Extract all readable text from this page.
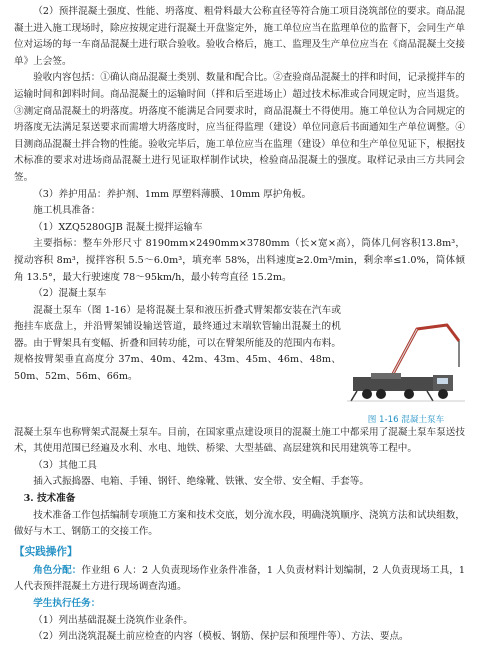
（2）预拌混凝土强度、性能、坍落度、粗骨料最大公称直径等符合施工项目浇筑部位的要求。商品混凝土进入施工现场时，除应按规定进行混凝土开盘鉴定外，施工单位应当在监理单位的监督下，会同生产单位对运场的每一车商品混凝土进行联合验收。验收合格后，施工、监理及生产单位应当在《商品混凝土交接单》上会签。

验收内容包括：①确认商品混凝土类别、数量和配合比。②查验商品混凝土的拌和时间，记录搅拌车的运输时间和卸料时间。商品混凝土的运输时间（拌和后至进场止）超过技术标准或合同规定时，应当退货。③测定商品混凝土的坍落度。坍落度不能满足合同要求时，商品混凝土不得使用。施工单位认为合同规定的坍落度无法满足泵送要求而需增大坍落度时，应当征得监理（建设）单位同意后书面通知生产单位调整。④目测商品混凝土拌合物的性能。验收完毕后，施工单位应当在监理（建设）单位和生产单位见证下，根据技术标准的要求对进场商品混凝土进行见证取样制作试块，检验商品混凝土的强度。取样记录由三方共同会签。

（3）养护用品：养护剂、1mm 厚塑料薄膜、10mm 厚护角板。

施工机具准备：

（1）XZQ5280GJB 混凝土搅拌运输车

主要指标：整车外形尺寸 8190mm×2490mm×3780mm（长×宽×高），筒体几何容积13.8m³，搅动容积 8m³，搅拌容积 5.5～6.0m³，填充率 58%，出料速度≥2.0m³/min，剩余率≤1.0%，筒体倾角 13.5°，最大行驶速度 78～95km/h，最小转弯直径 15.2m。

（2）混凝土泵车

混凝土泵车（图 1-16）是将混凝土泵和液压折叠式臂架都安装在汽车或拖挂车底盘上，并沿臂架铺设输送管道，最终通过末端软管输出混凝土的机器。由于臂架具有变幅、折叠和回转功能，可以在臂架所能及的范围内布料。规格按臂架垂直高度分 37m、40m、42m、43m、45m、46m、48m、50m、52m、56m、66m。

图 1-16 混凝土泵车

混凝土泵车也称臂架式混凝土泵车。目前，在国家重点建设项目的混凝土施工中都采用了混凝土泵车泵送技术，其使用范围已经遍及水利、水电、地铁、桥梁、大型基础、高层建筑和民用建筑等工程中。

（3）其他工具

插入式振捣器、电箱、手锤、钢钎、绝缘靴、铁锹、安全带、安全帽、手套等。

3. 技术准备

技术准备工作包括编制专项施工方案和技术交底，划分流水段，明确浇筑顺序、浇筑方法和试块组数，做好与木工、钢筋工的交接工作。

【实践操作】

角色分配：作业组 6 人：2 人负责现场作业条件准备，1 人负责材料计划编制，2 人负责现场工具，1 人代表预拌混凝土方进行现场调查沟通。

学生执行任务：

（1）列出基础混凝土浇筑作业条件。

（2）列出浇筑混凝土前应检查的内容（模板、钢筋、保护层和预埋件等）、方法、要点。
